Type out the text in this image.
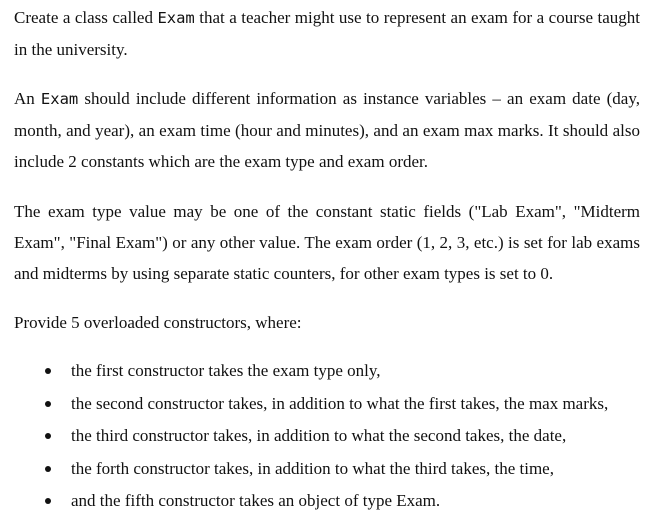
Create a class called Exam that a teacher might use to represent an exam for a course taught in the university.

An Exam should include different information as instance variables – an exam date (day, month, and year), an exam time (hour and minutes), and an exam max marks. It should also include 2 constants which are the exam type and exam order.

The exam type value may be one of the constant static fields ("Lab Exam", "Midterm Exam", "Final Exam") or any other value. The exam order (1, 2, 3, etc.) is set for lab exams and midterms by using separate static counters, for other exam types is set to 0.

Provide 5 overloaded constructors, where:

the first constructor takes the exam type only,
the second constructor takes, in addition to what the first takes, the max marks,
the third constructor takes, in addition to what the second takes, the date,
the forth constructor takes, in addition to what the third takes, the time,
and the fifth constructor takes an object of type Exam.
